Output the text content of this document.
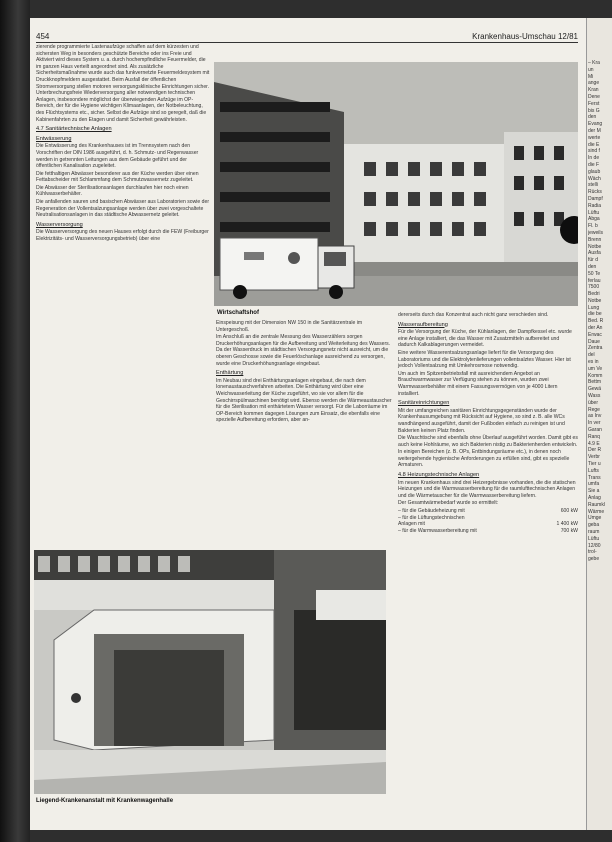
454	Krankenhaus-Umschau 12/81

zierende programmierte Lastenaufzüge schaffen auf dem kürzesten und sichersten Weg in besonders geschützte Bereiche oder ins Freie und Aktiviert wird dieses System u. a. durch hochempfindliche Feuermelder, die im ganzen Haus verteilt angeordnet sind. Als zusätzliche Sicherheitsmaßnahme wurde auch das funkvernetzte Feuermeldesystem mit Druckknopfmeldern ausgestattet. Beim Ausfall der öffentlichen Stromversorgung stellen motoren versorgungsklinische Einrichtungen sicher. Unterbrechungsfreie Wiederversorgung aller notwendigen technischen Anlagen, insbesondere möglichst der überwiegenden Aufzüge im OP-Bereich, der für die Hygiene wichtigen Klimaanlagen, der Notbeleuchtung, des Flüchtsystems etc., sicher. Selbst die Aufzüge sind so geregelt, daß die Kabinenfahrten zu den Etagen und damit Sicherheit gewährleisten.

4.7 Sanitärtechnische Anlagen

Entwässerung

Die Entwässerung des Krankenhauses ist im Trennsystem nach den Vorschriften der DIN 1986 ausgeführt, d. h. Schmutz- und Regenwasser werden in getrennten Leitungen aus dem Gebäude geführt und der öffentlichen Kanalisation zugeleitet.

Die fetthaltigen Abwässer besonderer aus der Küche werden über einen Fettabscheider mit Schlammfang dem Schmutzwassernetz zugeleitet.

Die Abwässer der Sterilisationsanlagen durchlaufen hier noch einen Kühlwasserbehälter.

Die anfallenden sauren und basischen Abwässer aus Laboratorien sowie der Regeneration der Vollentsalzungsanlage werden über zwei vorgeschaltete Neutralisationsanlagen in das städtische Abwassernetz geleitet.

Wasserversorgung

Die Wasserversorgung des neuen Hauses erfolgt durch die FEW (Freiburger Elektrizitäts- und Wasserversorgungsbetrieb) über eine

Wirtschaftshof

Einspeisung mit der Dimension NW 150 in die Sanitärzentrale im Untergeschoß.

Im Anschluß an die zentrale Messung des Wasserzählers sorgen Druckerhöhungsanlagen für die Aufbereitung und Weiterleitung des Wassers. Da der Wasserdruck im städtischen Versorgungsnetz nicht ausreicht, um die oberen Geschosse sowie die Feuerlöschanlage ausreichend zu versorgen, wurde eine Druckerhöhungsanlage eingebaut.

Enthärtung

Im Neubau sind drei Enthärtungsanlagen eingebaut, die nach dem Ionenaustauschverfahren arbeiten. Die Enthärtung wird über eine Weichwasserleitung der Küche zugeführt, wo sie vor allem für die Geschirrspülmaschinen benötigt wird. Ebenso werden die Wärmeaustauscher für die Sterilisation mit enthärtetem Wasser versorgt. Für die Laborräume im OP-Bereich kommen dagegen Lösungen zum Einsatz, die ebenfalls eine spezielle Aufbereitung erfordern, aber an-

dererseits durch das Konzentrat auch nicht ganz verschieden sind.

Wasseraufbereitung

Für die Versorgung der Küche, der Kühlanlagen, der Dampfkessel etc. wurde eine Anlage installiert, die das Wasser mit Zusatzmitteln aufbereitet und dadurch Kalkablagerungen vermeidet.

Eine weitere Wasserentsalzungsanlage liefert für die Versorgung des Laboratoriums und die Elektrolytenlieferungen vollentsalztes Wasser. Hier ist jedoch Vollentsalzung mit Umkehrosmose notwendig.

Um auch im Spitzenbetriebsfall mit ausreichendem Angebot an Brauchwarmwasser zur Verfügung stehen zu können, wurden zwei Warmwasserbehälter mit einem Fassungsvermögen von je 4000 Litern installiert.

Sanitäreinrichtungen

Mit der umfangreichen sanitären Einrichtungsgegenständen wurde der Krankenhausumgebung mit Rücksicht auf Hygiene, so sind z. B. alle WCs wandhängend ausgeführt, damit der Fußboden einfach zu reinigen ist und Bakterien keinen Platz finden.

Die Waschtische sind ebenfalls ohne Überlauf ausgeführt worden. Damit gibt es auch keine Hohlräume, wo sich Bakterien nistig zu Bakterienherden entwickeln.

In einigen Bereichen (z. B. OPs, Entbindungsräume etc.), in denen noch weitergehende hygienische Anforderungen zu erfüllen sind, gibt es spezielle Armaturen.

4.8 Heizungstechnische Anlagen

Im neuen Krankenhaus sind drei Heizergebnisse vorhanden, die die statischen Heizungen und die Warmwasserbereitung für die raumlufttechnischen Anlagen und die Wärmetauscher für die Warmwasserbereitung liefern.

Der Gesamtwärmebedarf wurde so ermittelt:

– für die Gebäudeheizung mit	600 kW

– für die Lüftungstechnischen

Anlagen mit	1 400 kW

– für die Warmwasserbereitung mit	700 kW

Liegend-Krankenanstalt mit Krankenwagenhalle
– Kra
un
Mi
ange
Kran
Dene
Ferst
bis G
den
Evang
der M
werte
die E
sind f
In de
die F
glaub
Wäch
stelli
Rücks
Dampf
Radia
Lüftu
Abga
Fl. b
jeweils
Brenn
Notbe
Ausfa
für d
den
50 Te
ferlau
7500
Bedri
Notbe
Lung
die be
Bed. R
der An
Erwac
Daue
Zentra
del
es in
um Ve
Komm
Bettm
Gewä
Wass
über
Rege
as Inv
In ver
Garan
Ranq
4.9 E
Der R
Verbr
Tier u
Lufts
Trans
umfa
Sie a
Anlag
Raumkl
Wärme
Umge
geba
raum
Lüftu
12/80
trol-
gebe
